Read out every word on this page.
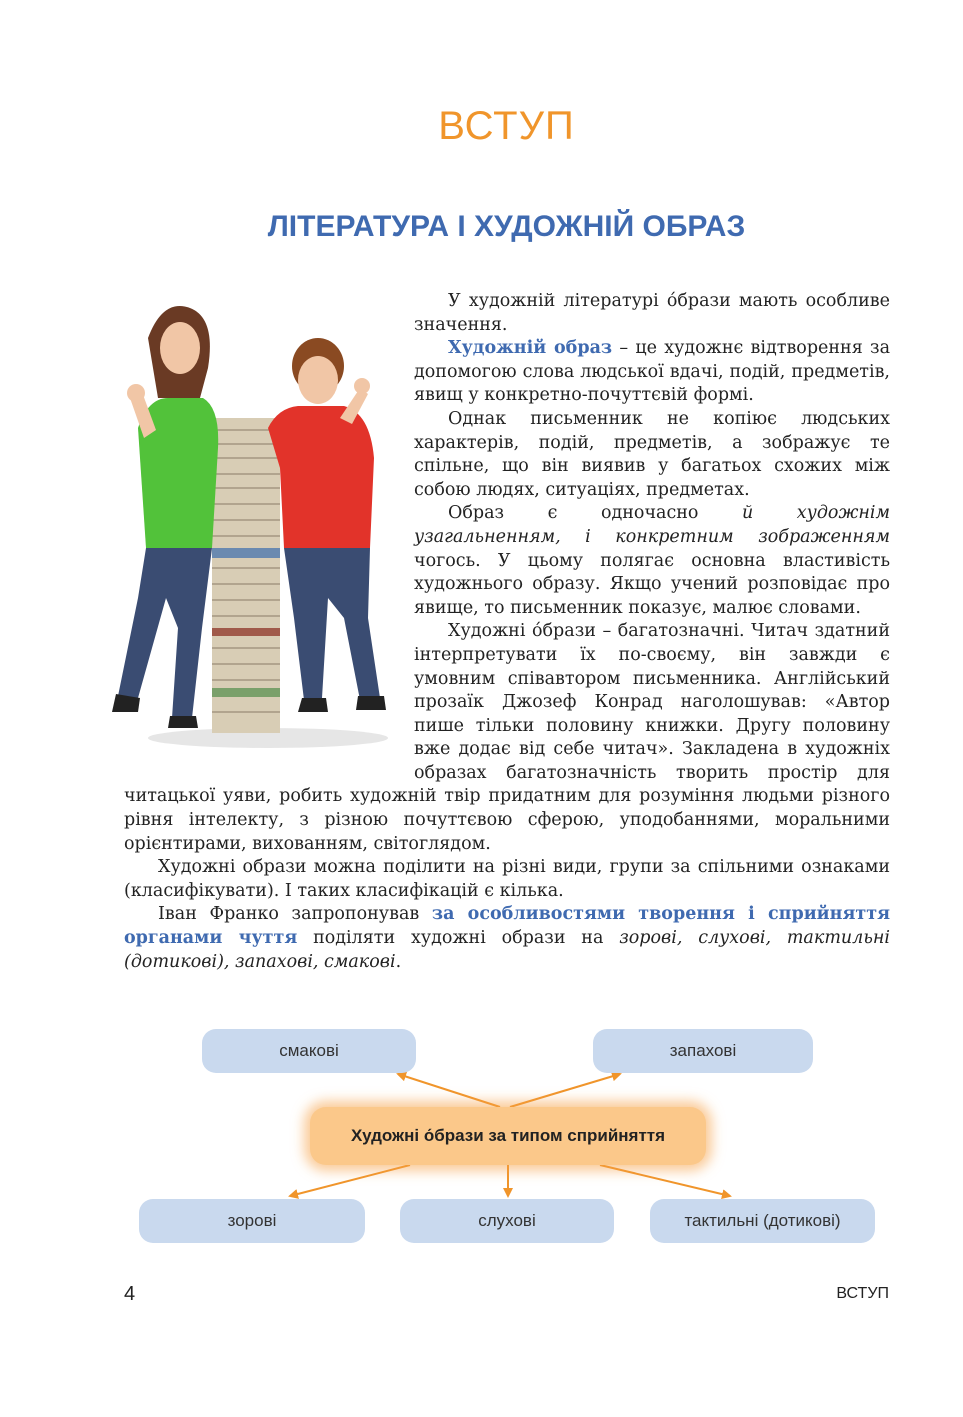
ВСТУП
ЛІТЕРАТУРА І ХУДОЖНІЙ ОБРАЗ

У художній літературі о́брази мають особливе значення.

Художній образ – це художнє відтворення за допомогою слова людської вдачі, подій, предметів, явищ у конкретно-почуттєвій формі.

Однак письменник не копіює людських характерів, подій, предметів, а зображує те спільне, що він виявив у багатьох схожих між собою людях, ситуаціях, предметах.

Образ є одночасно й художнім узагальненням, і конкретним зображенням чогось. У цьому полягає основна властивість художнього образу. Якщо учений розповідає про явище, то письменник показує, малює словами.

Художні о́брази – багатозначні. Читач здатний інтерпретувати їх по-своєму, він завжди є умовним співавтором письменника. Англійський прозаїк Джозеф Конрад наголошував: «Автор пише тільки половину книжки. Другу половину вже додає від себе читач». Закладена в художніх образах багатозначність творить простір для читацької уяви, робить художній твір придатним для розуміння людьми різного рівня інтелекту, з різною почуттєвою сферою, уподобаннями, моральними орієнтирами, вихованням, світоглядом.

Художні образи можна поділити на різні види, групи за спільними ознаками (класифікувати). І таких класифікацій є кілька.

Іван Франко запропонував за особливостями творення і сприйняття органами чуття поділяти художні образи на зорові, слухові, тактильні (дотикові), запахові, смакові.

смакові	запахові
Художні о́брази за типом сприйняття
зорові	слухові	тактильні (дотикові)
4	ВСТУП
